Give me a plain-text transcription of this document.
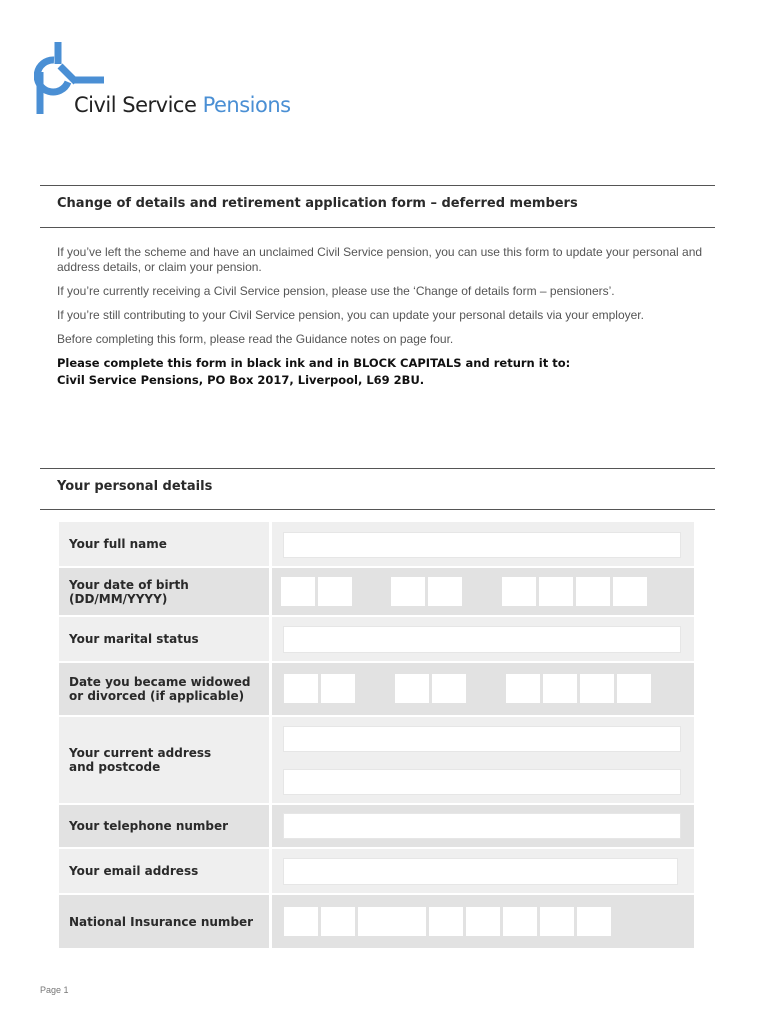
Civil Service Pensions
Change of details and retirement application form – deferred members

If you’ve left the scheme and have an unclaimed Civil Service pension, you can use this form to update your personal and address details, or claim your pension.

If you’re currently receiving a Civil Service pension, please use the ‘Change of details form – pensioners’.

If you’re still contributing to your Civil Service pension, you can update your personal details via your employer.

Before completing this form, please read the Guidance notes on page four.

Please complete this form in black ink and in BLOCK CAPITALS and return it to:

Civil Service Pensions, PO Box 2017, Liverpool, L69 2BU.

Your personal details
Your full name
Your date of birth
(DD/MM/YYYY)
Your marital status
Date you became widowed
or divorced (if applicable)
Your current address
and postcode
Your telephone number
Your email address
National Insurance number
Page 1
